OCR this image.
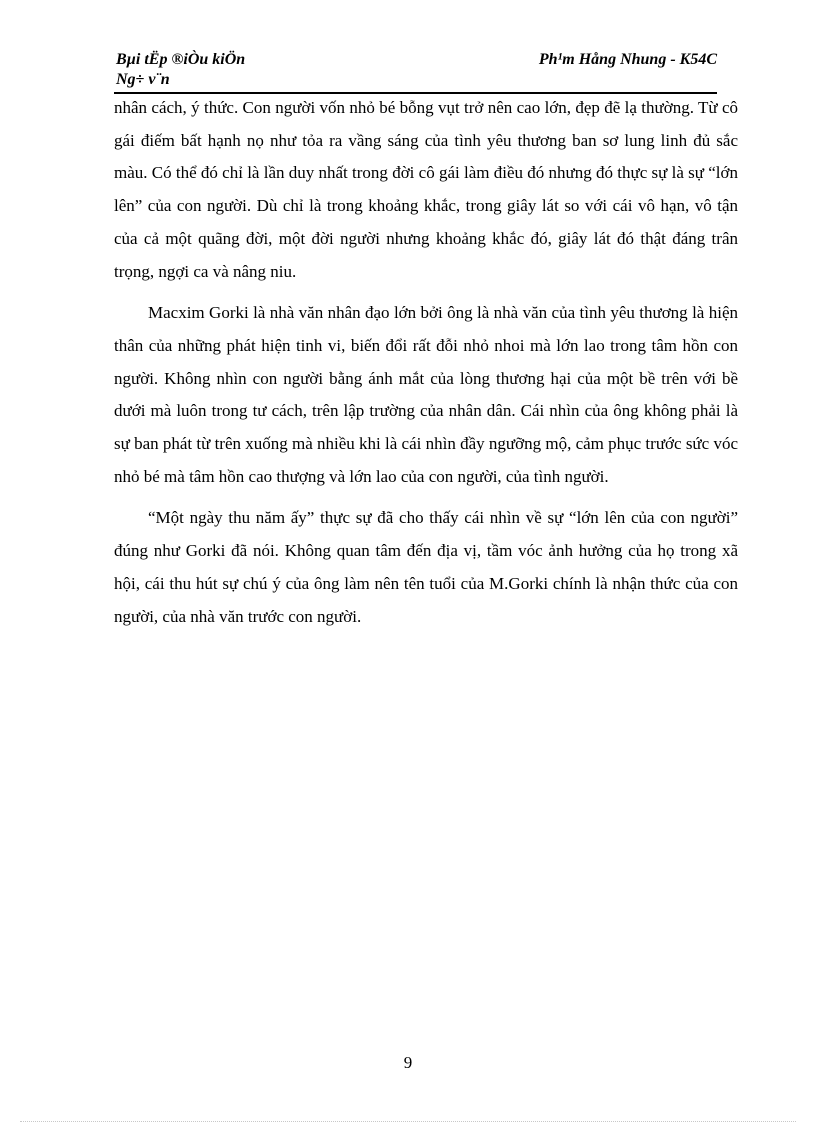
Bµi tËp ®iÒu kiÖn
Ng÷ v¨n
Ph¹m Hång Nhung - K54C

nhân cách, ý thức. Con người vốn nhỏ bé bỗng vụt trở nên cao lớn, đẹp đẽ lạ thường. Từ cô gái điếm bất hạnh nọ như tỏa ra vầng sáng của tình yêu thương ban sơ lung linh đủ sắc màu. Có thể đó chỉ là lần duy nhất trong đời cô gái làm điều đó nhưng đó thực sự là sự “lớn lên” của con người. Dù chỉ là trong khoảng khắc, trong giây lát so với cái vô hạn, vô tận của cả một quãng đời, một đời người nhưng khoảng khắc đó, giây lát đó thật đáng trân trọng, ngợi ca và nâng niu.

Macxim Gorki là nhà văn nhân đạo lớn bởi ông là nhà văn của tình yêu thương là hiện thân của những phát hiện tinh vi, biến đổi rất đỗi nhỏ nhoi mà lớn lao trong tâm hồn con người. Không nhìn con người bằng ánh mắt của lòng thương hại của một bề trên với bề dưới mà luôn trong tư cách, trên lập trường của nhân dân. Cái nhìn của ông không phải là sự ban phát từ trên xuống mà nhiều khi là cái nhìn đầy ngưỡng mộ, cảm phục trước sức vóc nhỏ bé mà tâm hồn cao thượng và lớn lao của con người, của tình người.

“Một ngày thu năm ấy” thực sự đã cho thấy cái nhìn về sự “lớn lên của con người” đúng như Gorki đã nói. Không quan tâm đến địa vị, tầm vóc ảnh hưởng của họ trong xã hội, cái thu hút sự chú ý của ông làm nên tên tuổi của M.Gorki chính là nhận thức của con người, của nhà văn trước con người.

9
